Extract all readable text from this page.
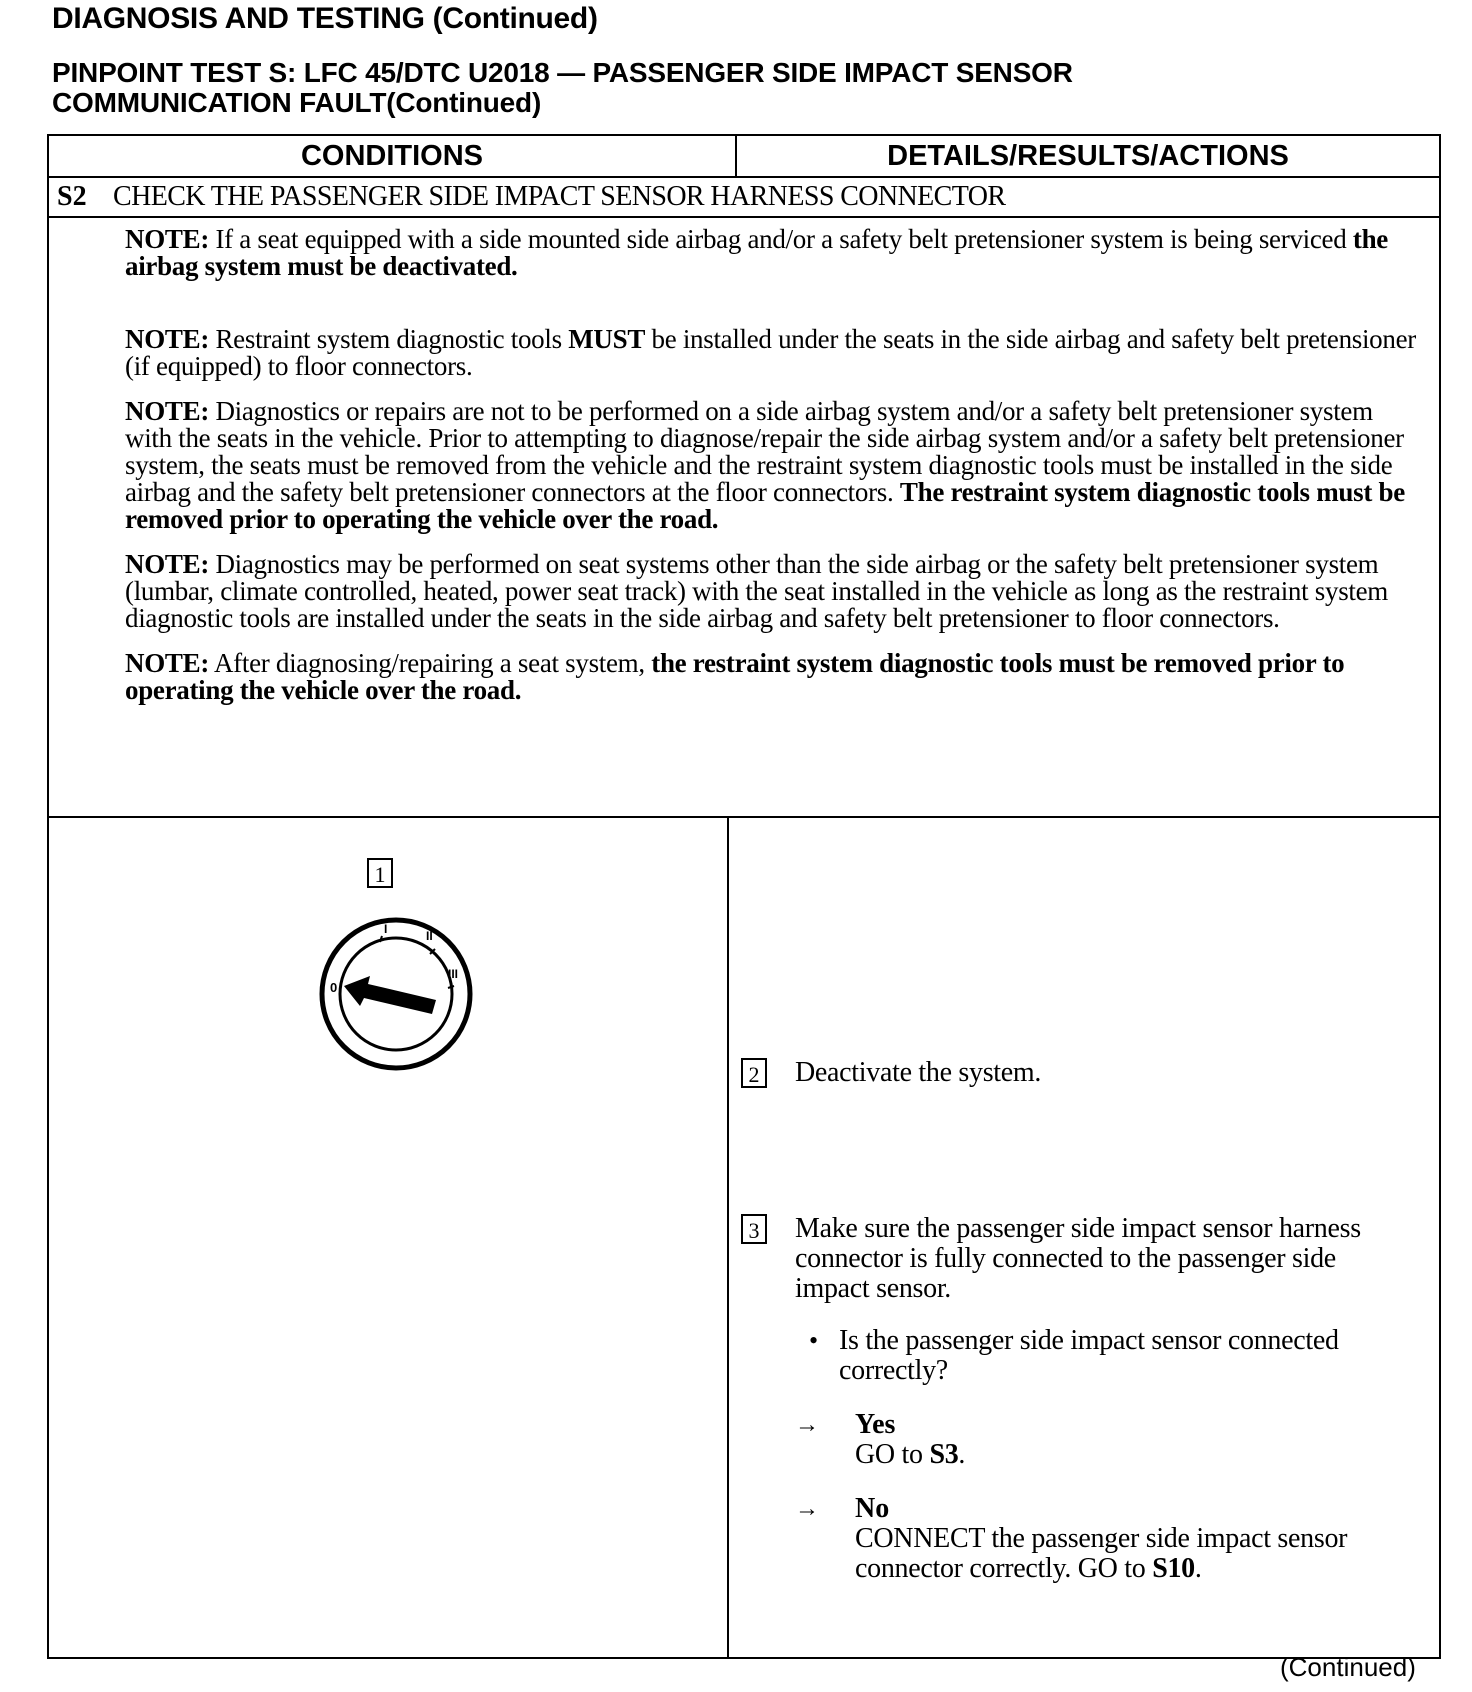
DIAGNOSIS AND TESTING (Continued)
PINPOINT TEST S: LFC 45/DTC U2018 — PASSENGER SIDE IMPACT SENSOR
COMMUNICATION FAULT(Continued)
CONDITIONS	DETAILS/RESULTS/ACTIONS
S2 CHECK THE PASSENGER SIDE IMPACT SENSOR HARNESS CONNECTOR

NOTE: If a seat equipped with a side mounted side airbag and/or a safety belt pretensioner system is being serviced the airbag system must be deactivated.

NOTE: Restraint system diagnostic tools MUST be installed under the seats in the side airbag and safety belt pretensioner (if equipped) to floor connectors.

NOTE: Diagnostics or repairs are not to be performed on a side airbag system and/or a safety belt pretensioner system with the seats in the vehicle. Prior to attempting to diagnose/repair the side airbag system and/or a safety belt pretensioner system, the seats must be removed from the vehicle and the restraint system diagnostic tools must be installed in the side airbag and the safety belt pretensioner connectors at the floor connectors. The restraint system diagnostic tools must be removed prior to operating the vehicle over the road.

NOTE: Diagnostics may be performed on seat systems other than the side airbag or the safety belt pretensioner system (lumbar, climate controlled, heated, power seat track) with the seat installed in the vehicle as long as the restraint system diagnostic tools are installed under the seats in the side airbag and safety belt pretensioner to floor connectors.

NOTE: After diagnosing/repairing a seat system, the restraint system diagnostic tools must be removed prior to operating the vehicle over the road.

1
0
I	II
III
2 Deactivate the system.
3 Make sure the passenger side impact sensor harness connector is fully connected to the passenger side impact sensor.
• Is the passenger side impact sensor connected correctly?
→ Yes
GO to S3.
→ No
CONNECT the passenger side impact sensor connector correctly. GO to S10.
(Continued)
